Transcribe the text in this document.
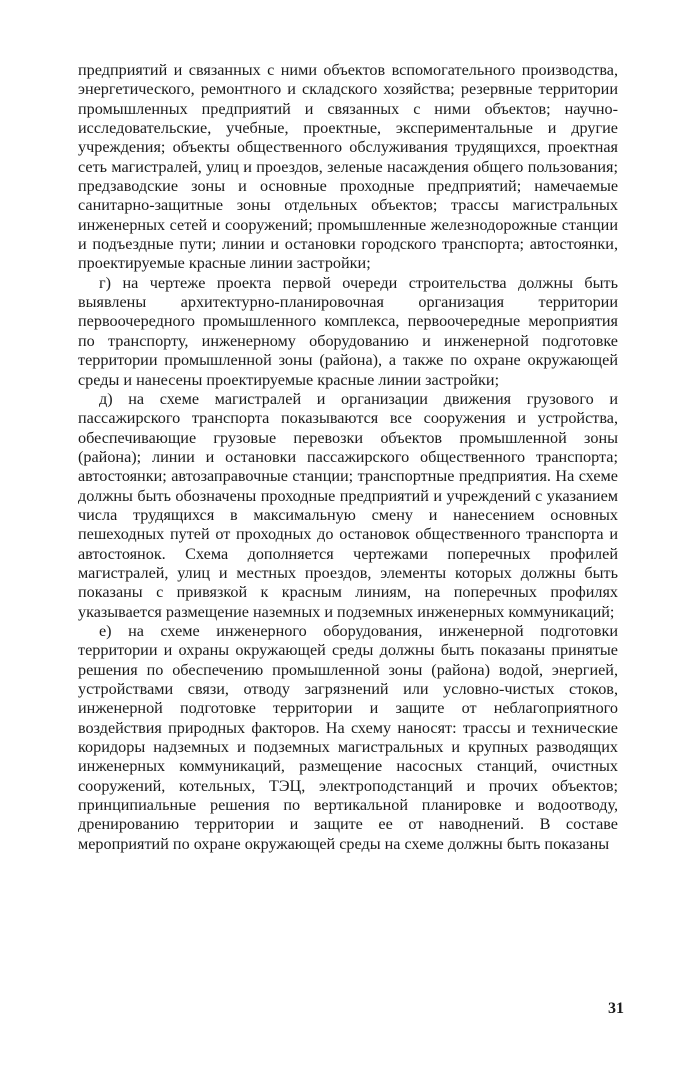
предприятий и связанных с ними объектов вспомогательного производства, энергетического, ремонтного и складского хозяйства; резервные территории промышленных предприятий и связанных с ними объектов; научно-исследовательские, учебные, проектные, экспериментальные и другие учреждения; объекты общественного обслуживания трудящихся, проектная сеть магистралей, улиц и проездов, зеленые насаждения общего пользования; предзаводские зоны и основные проходные предприятий; намечаемые санитарно-защитные зоны отдельных объектов; трассы магистральных инженерных сетей и сооружений; промышленные железнодорожные станции и подъездные пути; линии и остановки городского транспорта; автостоянки, проектируемые красные линии застройки;

г) на чертеже проекта первой очереди строительства должны быть выявлены архитектурно-планировочная организация территории первоочередного промышленного комплекса, первоочередные мероприятия по транспорту, инженерному оборудованию и инженерной подготовке территории промышленной зоны (района), а также по охране окружающей среды и нанесены проектируемые красные линии застройки;

д) на схеме магистралей и организации движения грузового и пассажирского транспорта показываются все сооружения и устройства, обеспечивающие грузовые перевозки объектов промышленной зоны (района); линии и остановки пассажирского общественного транспорта; автостоянки; автозаправочные станции; транспортные предприятия. На схеме должны быть обозначены проходные предприятий и учреждений с указанием числа трудящихся в максимальную смену и нанесением основных пешеходных путей от проходных до остановок общественного транспорта и автостоянок. Схема дополняется чертежами поперечных профилей магистралей, улиц и местных проездов, элементы которых должны быть показаны с привязкой к красным линиям, на поперечных профилях указывается размещение наземных и подземных инженерных коммуникаций;

е) на схеме инженерного оборудования, инженерной подготовки территории и охраны окружающей среды должны быть показаны принятые решения по обеспечению промышленной зоны (района) водой, энергией, устройствами связи, отводу загрязнений или условно-чистых стоков, инженерной подготовке территории и защите от неблагоприятного воздействия природных факторов. На схему наносят: трассы и технические коридоры надземных и подземных магистральных и крупных разводящих инженерных коммуникаций, размещение насосных станций, очистных сооружений, котельных, ТЭЦ, электроподстанций и прочих объектов; принципиальные решения по вертикальной планировке и водоотводу, дренированию территории и защите ее от наводнений. В составе мероприятий по охране окружающей среды на схеме должны быть показаны

31
